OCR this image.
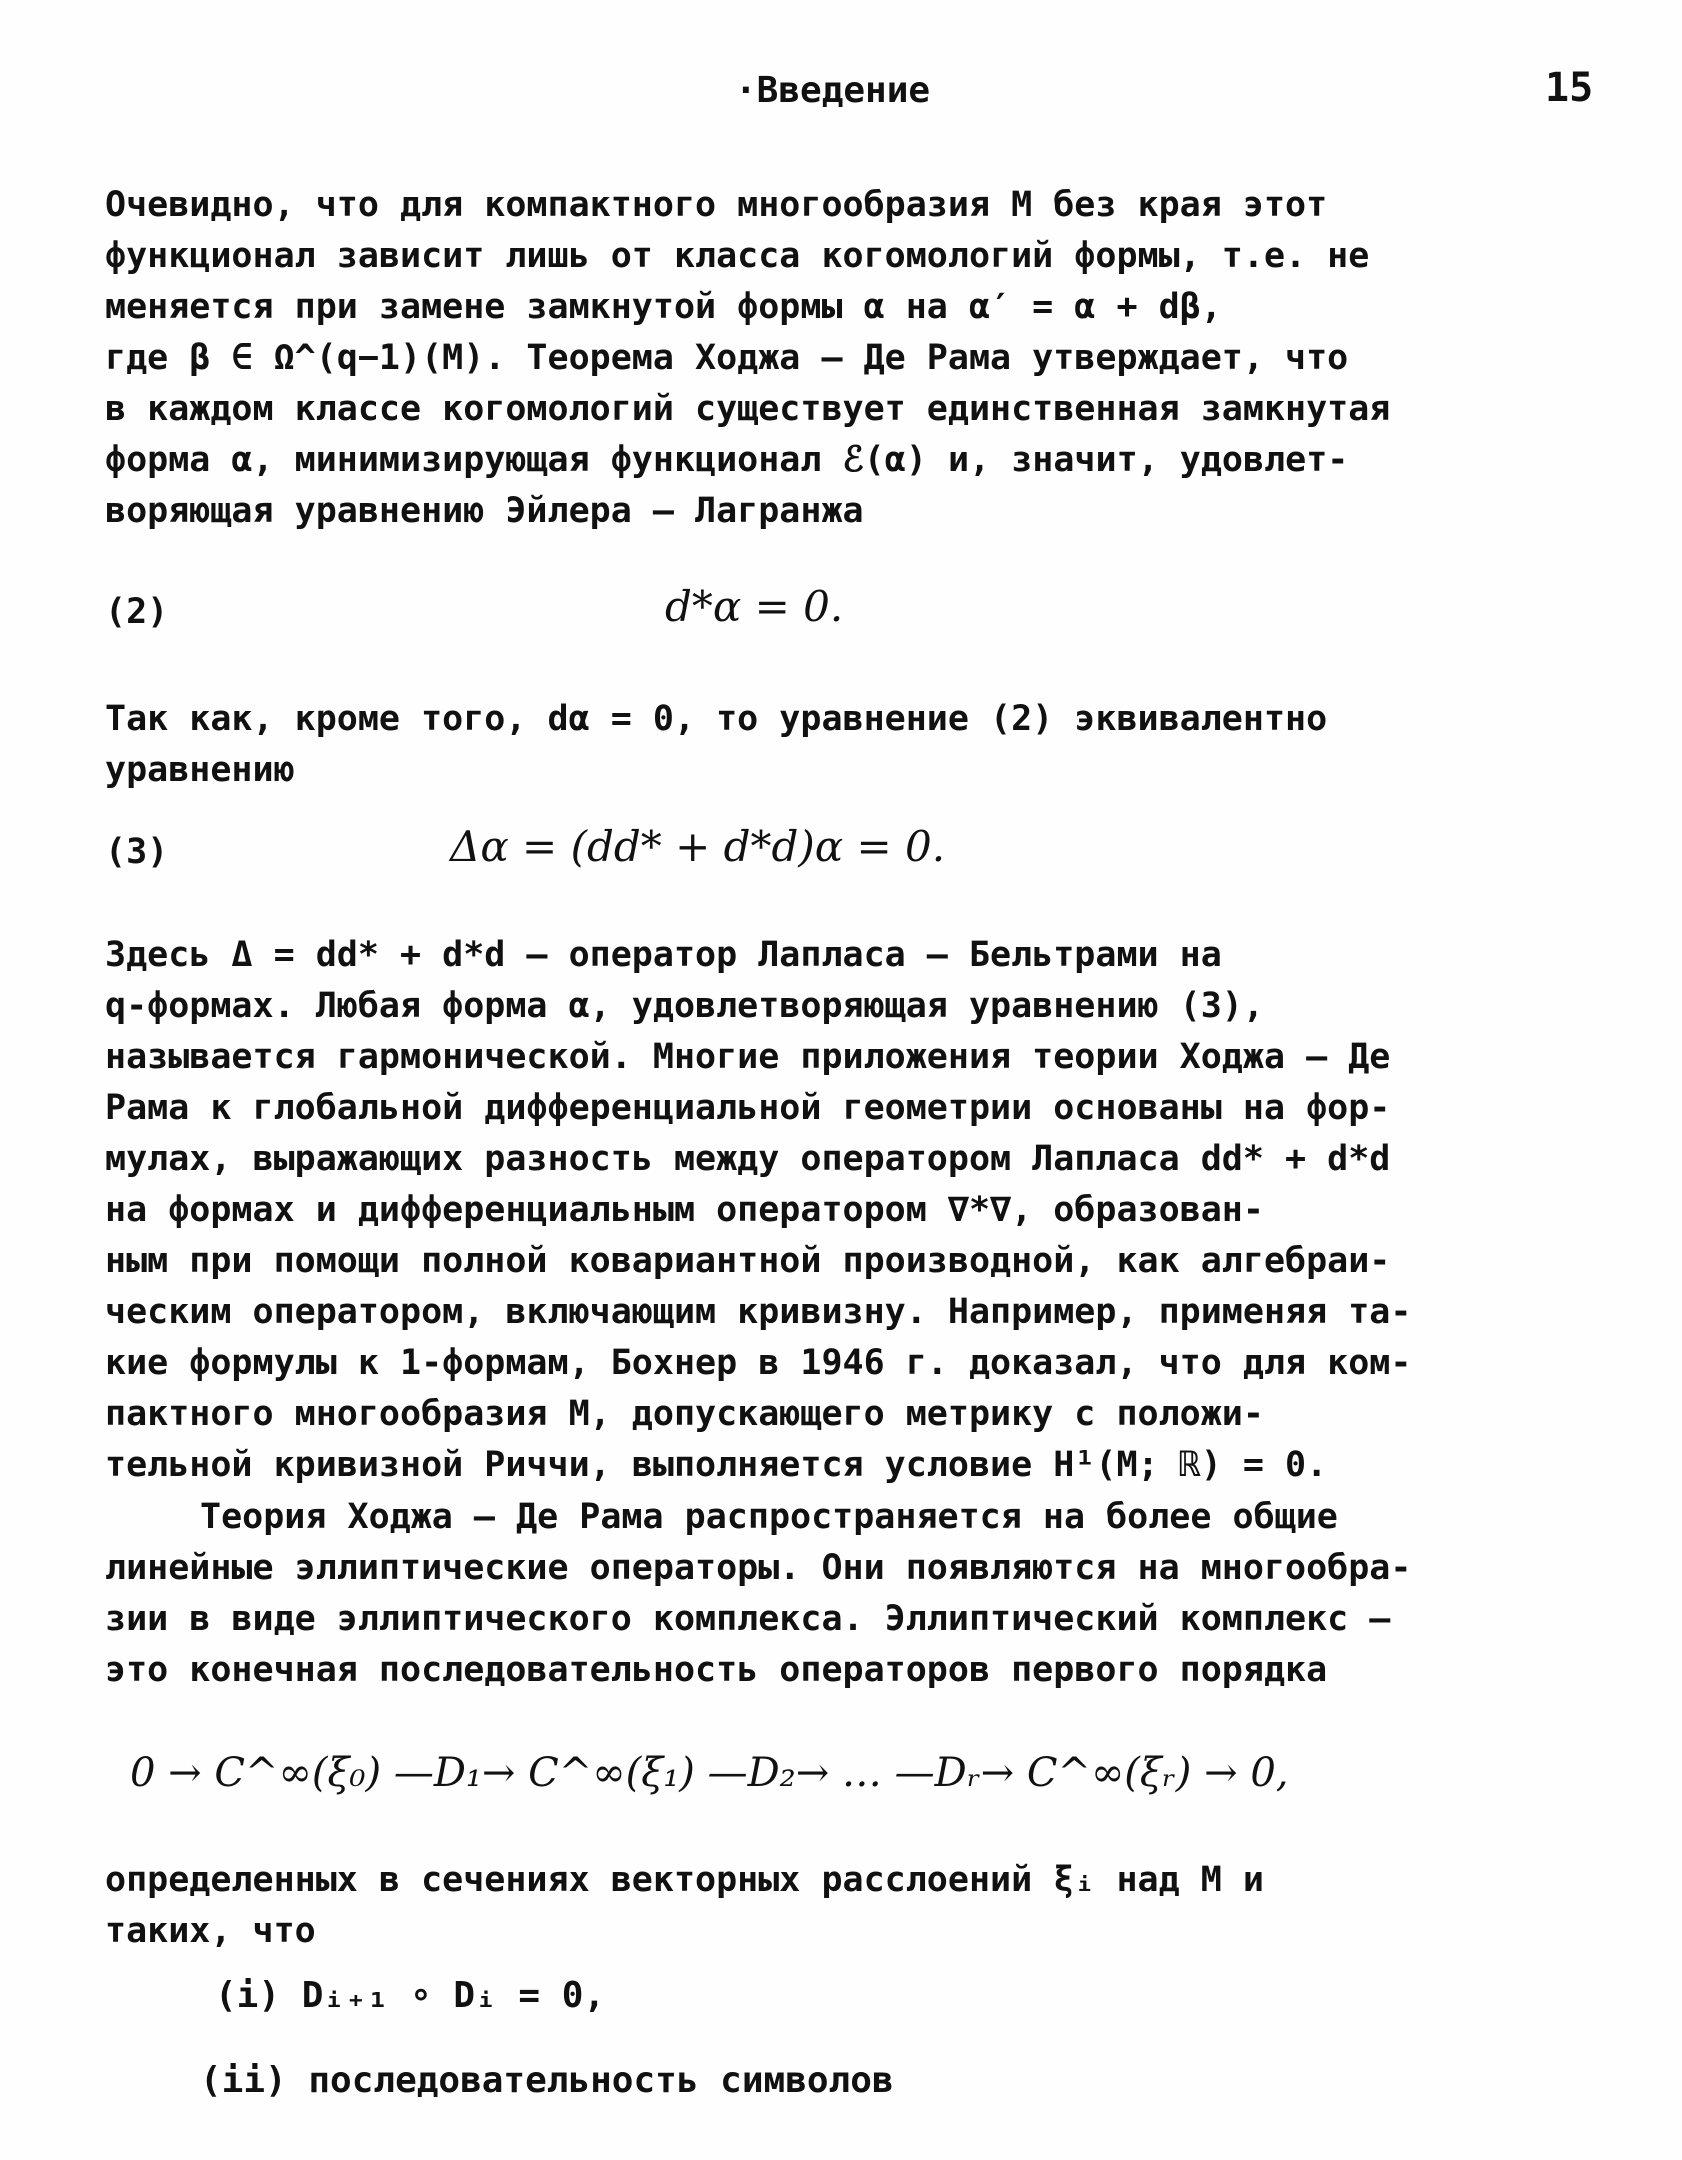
·Введение	15
Очевидно, что для компактного многообразия M без края этот
функционал зависит лишь от класса когомологий формы, т.е. не
меняется при замене замкнутой формы α на α′ = α + dβ,
где β ∈ Ω^(q−1)(M). Теорема Ходжа – Де Рама утверждает, что
в каждом классе когомологий существует единственная замкнутая
форма α, минимизирующая функционал ℰ(α) и, значит, удовлет-
воряющая уравнению Эйлера – Лагранжа
(2)	d*α = 0.
Так как, кроме того, dα = 0, то уравнение (2) эквивалентно
уравнению
(3)	Δα = (dd* + d*d)α = 0.
Здесь Δ = dd* + d*d – оператор Лапласа – Бельтрами на
q-формах. Любая форма α, удовлетворяющая уравнению (3),
называется гармонической. Многие приложения теории Ходжа – Де
Рама к глобальной дифференциальной геометрии основаны на фор-
мулах, выражающих разность между оператором Лапласа dd* + d*d
на формах и дифференциальным оператором ∇*∇, образован-
ным при помощи полной ковариантной производной, как алгебраи-
ческим оператором, включающим кривизну. Например, применяя та-
кие формулы к 1-формам, Бохнер в 1946 г. доказал, что для ком-
пактного многообразия M, допускающего метрику с положи-
тельной кривизной Риччи, выполняется условие H¹(M; ℝ) = 0.
Теория Ходжа – Де Рама распространяется на более общие
линейные эллиптические операторы. Они появляются на многообра-
зии в виде эллиптического комплекса. Эллиптический комплекс –
это конечная последовательность операторов первого порядка
0 → C^∞(ξ₀) —D₁→ C^∞(ξ₁) —D₂→ … —Dᵣ→ C^∞(ξᵣ) → 0,
определенных в сечениях векторных расслоений ξᵢ над M и
таких, что
(i) Dᵢ₊₁ ∘ Dᵢ = 0,
(ii) последовательность символов
